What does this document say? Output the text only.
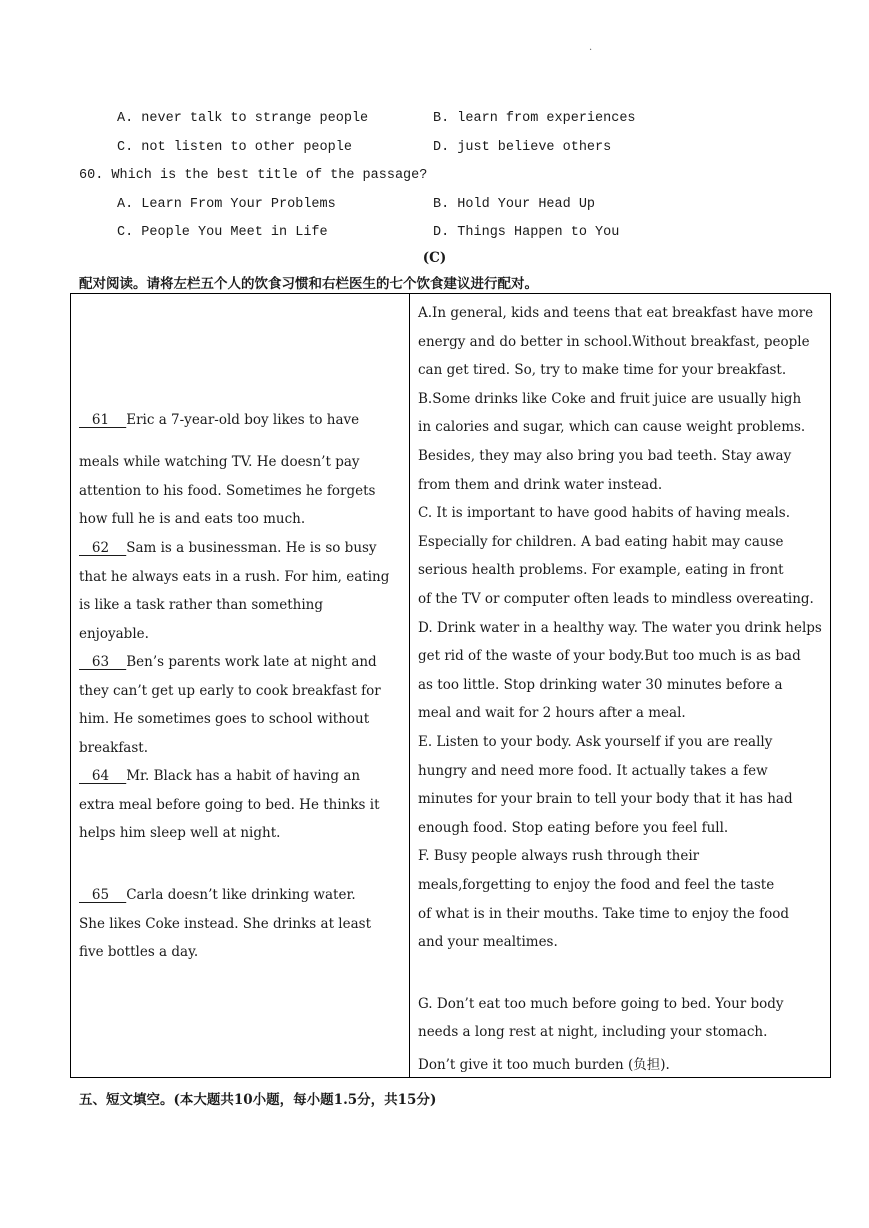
.
A. never talk to strange people	B. learn from experiences
C. not listen to other people	D. just believe others
60. Which is the best title of the passage?
A. Learn From Your Problems	B. Hold Your Head Up
C. People You Meet in Life	D. Things Happen to You
(C)
配对阅读。请将左栏五个人的饮食习惯和右栏医生的七个饮食建议进行配对。
61    Eric a 7-year-old boy likes to have
meals while watching TV. He doesn’t pay
attention to his food. Sometimes he forgets
how full he is and eats too much.
62    Sam is a businessman. He is so busy
that he always eats in a rush. For him, eating
is like a task rather than something
enjoyable.
63    Ben’s parents work late at night and
they can’t get up early to cook breakfast for
him. He sometimes goes to school without
breakfast.
64    Mr. Black has a habit of having an
extra meal before going to bed. He thinks it
helps him sleep well at night.
65    Carla doesn’t like drinking water.
She likes Coke instead. She drinks at least
five bottles a day.
A.In general, kids and teens that eat breakfast have more
energy and do better in school.Without breakfast, people
can get tired. So, try to make time for your breakfast.
B.Some drinks like Coke and fruit juice are usually high
in calories and sugar, which can cause weight problems.
Besides, they may also bring you bad teeth. Stay away
from them and drink water instead.
C. It is important to have good habits of having meals.
Especially for children. A bad eating habit may cause
serious health problems. For example, eating in front
of the TV or computer often leads to mindless overeating.
D. Drink water in a healthy way. The water you drink helps
get rid of the waste of your body.But too much is as bad
as too little. Stop drinking water 30 minutes before a
meal and wait for 2 hours after a meal.
E. Listen to your body. Ask yourself if you are really
hungry and need more food. It actually takes a few
minutes for your brain to tell your body that it has had
enough food. Stop eating before you feel full.
F. Busy people always rush through their
meals,forgetting to enjoy the food and feel the taste
of what is in their mouths. Take time to enjoy the food
and your mealtimes.
G. Don’t eat too much before going to bed. Your body
needs a long rest at night, including your stomach.
Don’t give it too much burden (负担).
五、短文填空。(本大题共10小题，每小题1.5分，共15分)
